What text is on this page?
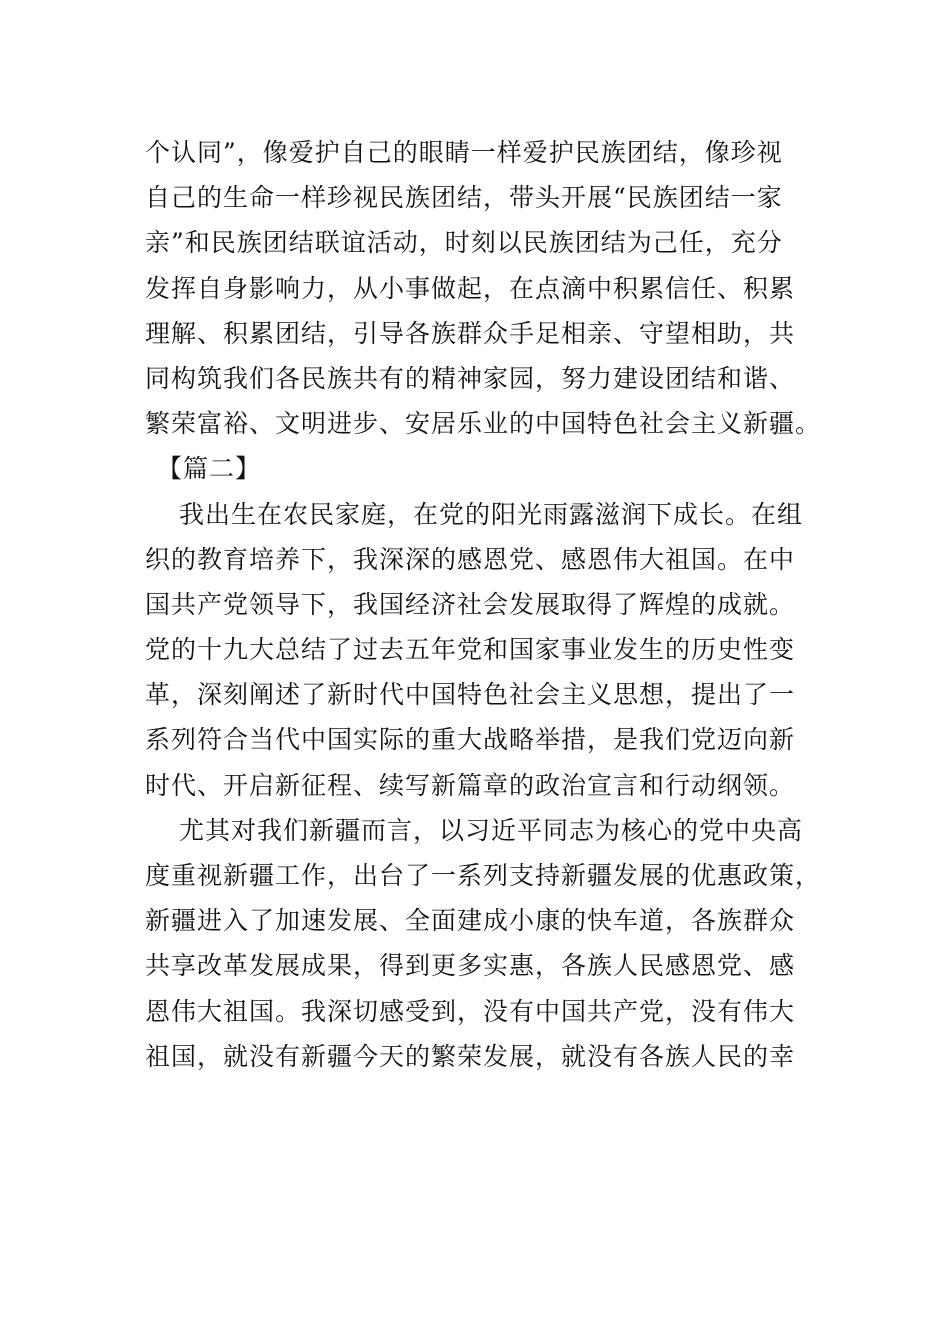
个认同”，像爱护自己的眼睛一样爱护民族团结，像珍视
自己的生命一样珍视民族团结，带头开展“民族团结一家
亲”和民族团结联谊活动，时刻以民族团结为己任，充分
发挥自身影响力，从小事做起，在点滴中积累信任、积累
理解、积累团结，引导各族群众手足相亲、守望相助，共
同构筑我们各民族共有的精神家园，努力建设团结和谐、
繁荣富裕、文明进步、安居乐业的中国特色社会主义新疆。
【篇二】
我出生在农民家庭，在党的阳光雨露滋润下成长。在组
织的教育培养下，我深深的感恩党、感恩伟大祖国。在中
国共产党领导下，我国经济社会发展取得了辉煌的成就。
党的十九大总结了过去五年党和国家事业发生的历史性变
革，深刻阐述了新时代中国特色社会主义思想，提出了一
系列符合当代中国实际的重大战略举措，是我们党迈向新
时代、开启新征程、续写新篇章的政治宣言和行动纲领。
尤其对我们新疆而言，以习近平同志为核心的党中央高
度重视新疆工作，出台了一系列支持新疆发展的优惠政策，
新疆进入了加速发展、全面建成小康的快车道，各族群众
共享改革发展成果，得到更多实惠，各族人民感恩党、感
恩伟大祖国。我深切感受到，没有中国共产党，没有伟大
祖国，就没有新疆今天的繁荣发展，就没有各族人民的幸
